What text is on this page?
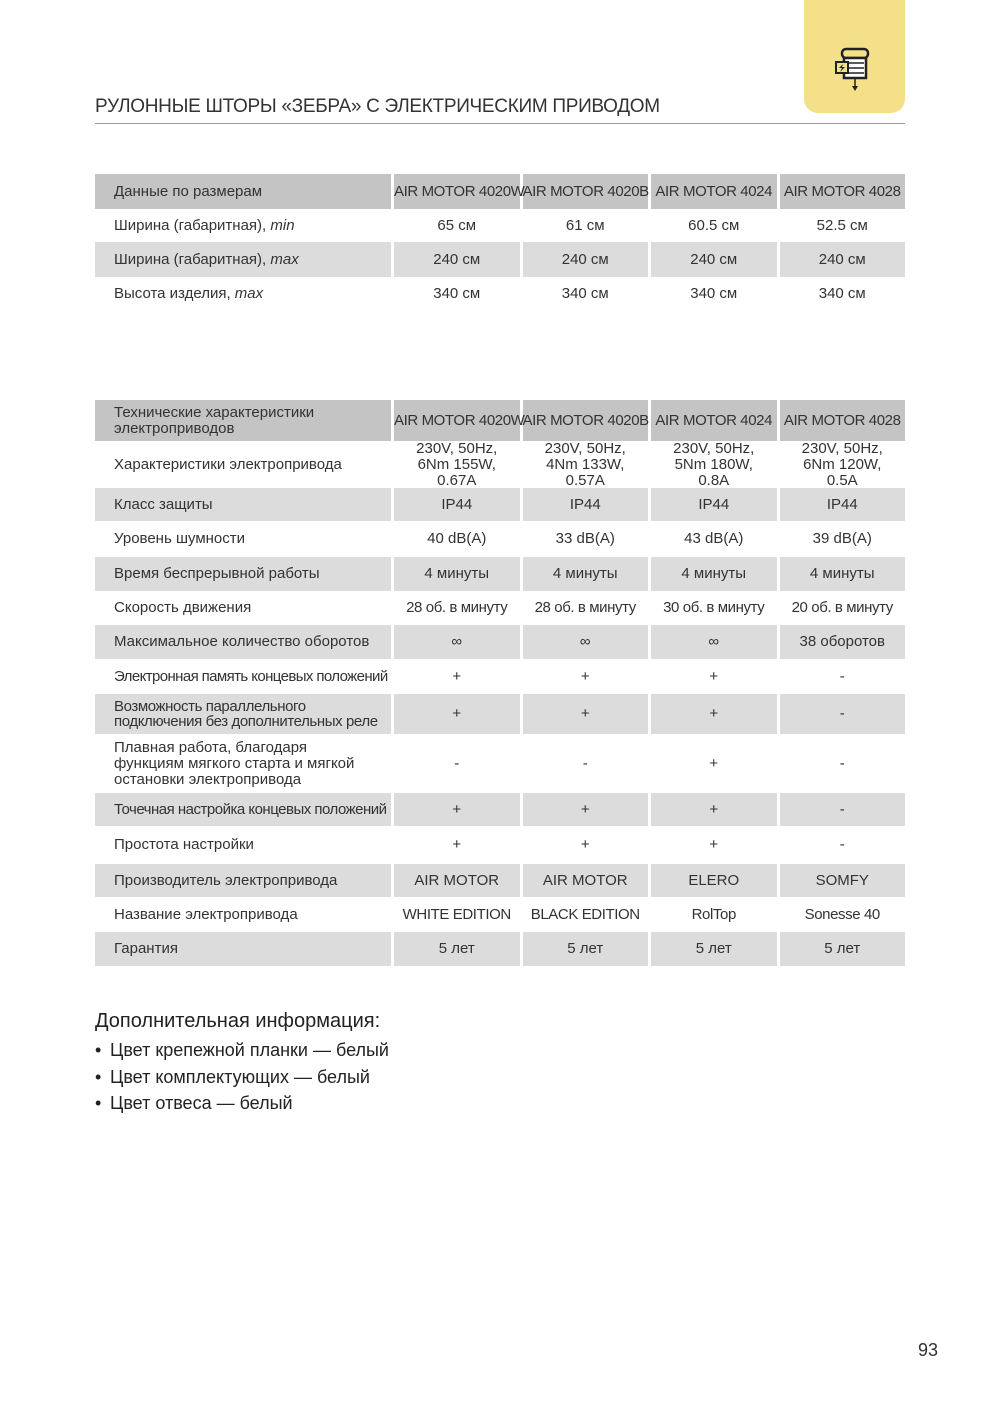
РУЛОННЫЕ ШТОРЫ «ЗЕБРА» С ЭЛЕКТРИЧЕСКИМ ПРИВОДОМ
Данные по размерам	AIR MOTOR 4020W	AIR MOTOR 4020B	AIR MOTOR 4024	AIR MOTOR 4028
Ширина (габаритная), min	65 см	61 см	60.5 см	52.5 см
Ширина (габаритная), max	240 см	240 см	240 см	240 см
Высота изделия, max	340 см	340 см	340 см	340 см
Технические характеристики электроприводов	AIR MOTOR 4020W	AIR MOTOR 4020B	AIR MOTOR 4024	AIR MOTOR 4028
Характеристики электропривода	230V, 50Hz, 6Nm 155W, 0.67A	230V, 50Hz, 4Nm 133W, 0.57A	230V, 50Hz, 5Nm 180W, 0.8A	230V, 50Hz, 6Nm 120W, 0.5A
Класс защиты	IP44	IP44	IP44	IP44
Уровень шумности	40 dB(A)	33 dB(A)	43 dB(A)	39 dB(A)
Время беспрерывной работы	4 минуты	4 минуты	4 минуты	4 минуты
Скорость движения	28 об. в минуту	28 об. в минуту	30 об. в минуту	20 об. в минуту
Максимальное количество оборотов	∞	∞	∞	38 оборотов
Электронная память концевых положений	+	+	+	-
Возможность параллельного подключения без дополнительных реле	+	+	+	-
Плавная работа, благодаря функциям мягкого старта и мягкой остановки электропривода	-	-	+	-
Точечная настройка концевых положений	+	+	+	-
Простота настройки	+	+	+	-
Производитель электропривода	AIR MOTOR	AIR MOTOR	ELERO	SOMFY
Название электропривода	WHITE EDITION	BLACK EDITION	RolTop	Sonesse 40
Гарантия	5 лет	5 лет	5 лет	5 лет
Дополнительная информация:
• Цвет крепежной планки — белый
• Цвет комплектующих — белый
• Цвет отвеса — белый
93
